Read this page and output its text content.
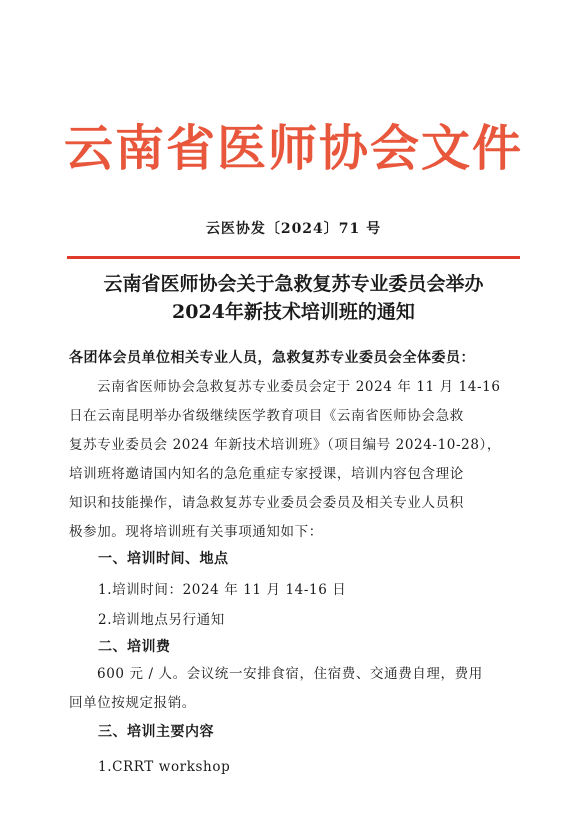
云南省医师协会文件
云医协发〔2024〕71 号
云南省医师协会关于急救复苏专业委员会举办
2024年新技术培训班的通知
各团体会员单位相关专业人员，急救复苏专业委员会全体委员：
云南省医师协会急救复苏专业委员会定于 2024 年 11 月 14-16
日在云南昆明举办省级继续医学教育项目《云南省医师协会急救
复苏专业委员会 2024 年新技术培训班》（项目编号 2024-10-28），
培训班将邀请国内知名的急危重症专家授课，培训内容包含理论
知识和技能操作，请急救复苏专业委员会委员及相关专业人员积
极参加。现将培训班有关事项通知如下：
一、培训时间、地点
1.培训时间：2024 年 11 月 14-16 日
2.培训地点另行通知
二、培训费
600 元 / 人。会议统一安排食宿，住宿费、交通费自理，费用
回单位按规定报销。
三、培训主要内容
1.CRRT workshop
